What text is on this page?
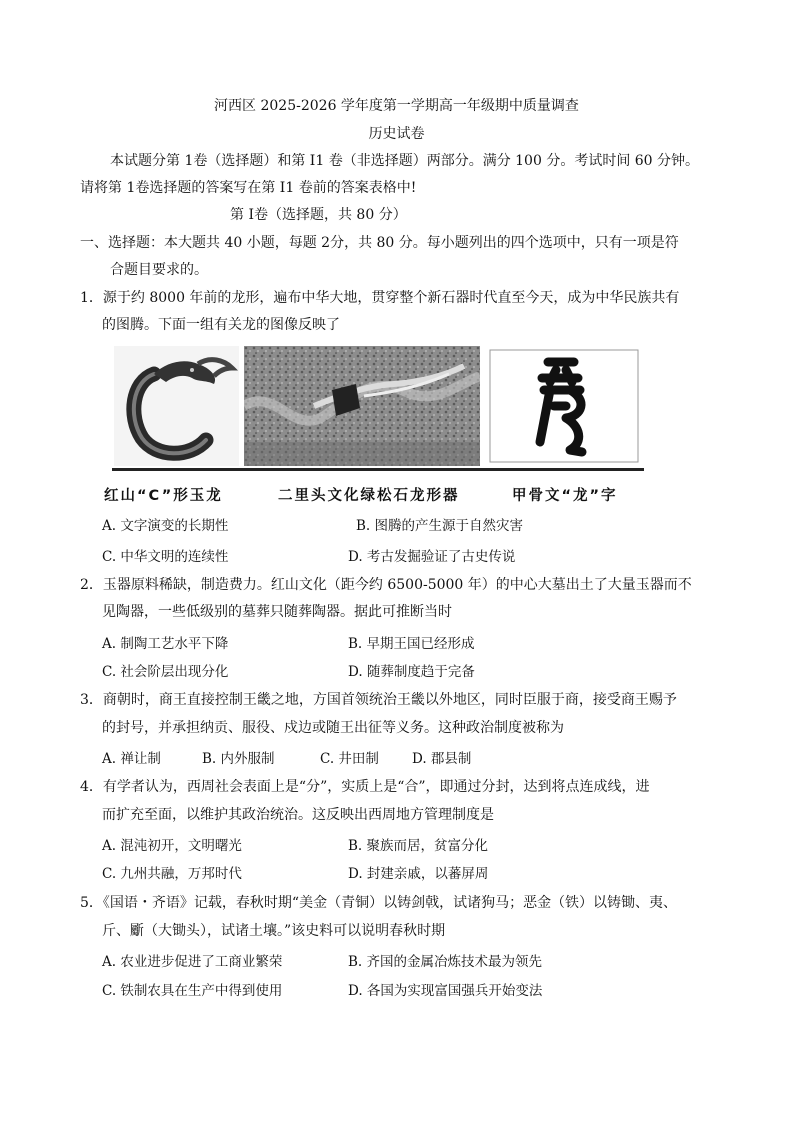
河西区 2025-2026 学年度第一学期高一年级期中质量调查
历史试卷
本试题分第 1卷（选择题）和第 I1 卷（非选择题）两部分。满分 100 分。考试时间 60 分钟。
请将第 1卷选择题的答案写在第 I1 卷前的答案表格中!
第 I卷（选择题，共 80 分）
一、选择题：本大题共 40 小题，每题 2分，共 80 分。每小题列出的四个选项中，只有一项是符
合题目要求的。
1．源于约 8000 年前的龙形，遍布中华大地，贯穿整个新石器时代直至今天，成为中华民族共有
的图腾。下面一组有关龙的图像反映了
红山“C”形玉龙	二里头文化绿松石龙形器	甲骨文“龙”字
A. 文字演变的长期性	B. 图腾的产生源于自然灾害
C. 中华文明的连续性	D. 考古发掘验证了古史传说
2．玉器原料稀缺，制造费力。红山文化（距今约 6500-5000 年）的中心大墓出土了大量玉器而不
见陶器，一些低级别的墓葬只随葬陶器。据此可推断当时
A. 制陶工艺水平下降	B. 早期王国已经形成
C. 社会阶层出现分化	D. 随葬制度趋于完备
3．商朝时，商王直接控制王畿之地，方国首领统治王畿以外地区，同时臣服于商，接受商王赐予
的封号，并承担纳贡、服役、戍边或随王出征等义务。这种政治制度被称为
A. 禅让制	B. 内外服制	C. 井田制 D. 郡县制
4．有学者认为，西周社会表面上是“分”，实质上是“合”，即通过分封，达到将点连成线，进
而扩充至面，以维护其政治统治。这反映出西周地方管理制度是
A. 混沌初开，文明曙光	B. 聚族而居，贫富分化
C. 九州共融，万邦时代	D. 封建亲戚，以蕃屏周
5．《国语・齐语》记载，春秋时期“美金（青铜）以铸剑戟，试诸狗马；恶金（铁）以铸锄、夷、
斤、斸（大锄头），试诸土壤。”该史料可以说明春秋时期
A. 农业进步促进了工商业繁荣	B. 齐国的金属冶炼技术最为领先
C. 铁制农具在生产中得到使用	D. 各国为实现富国强兵开始变法
